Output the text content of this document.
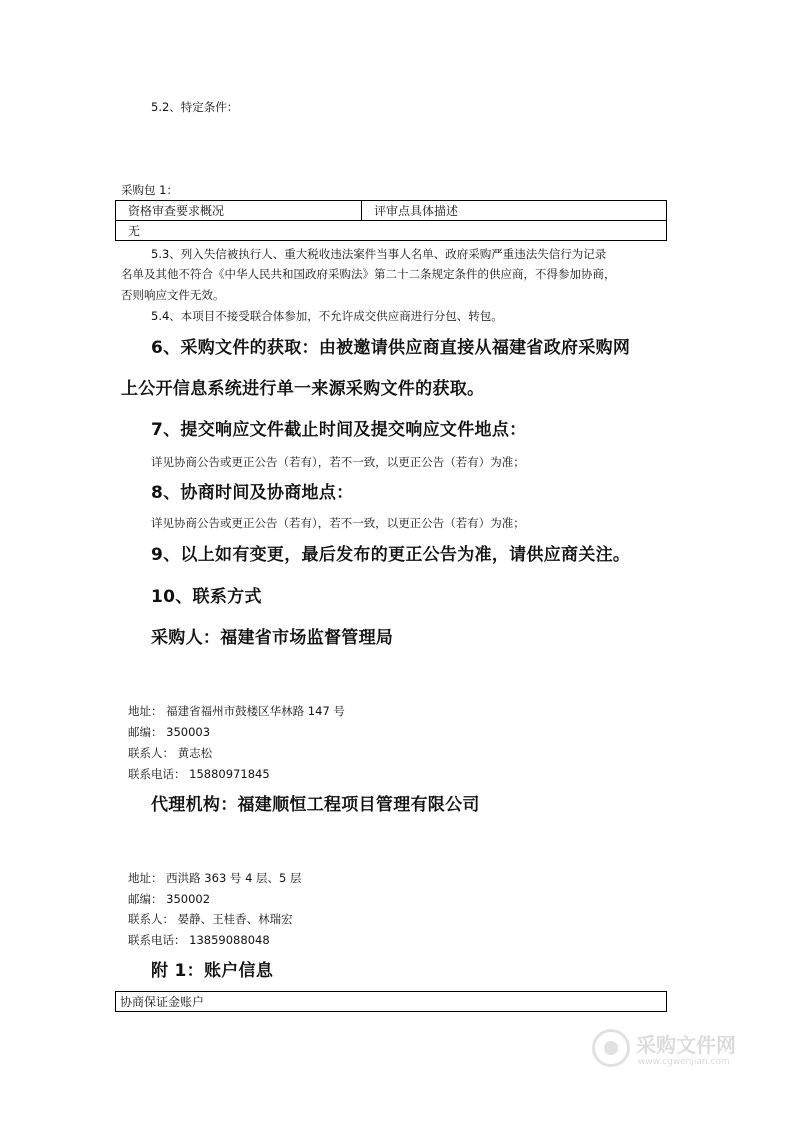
5.2、特定条件：
采购包 1：
资格审查要求概况	评审点具体描述
无
5.3、列入失信被执行人、重大税收违法案件当事人名单、政府采购严重违法失信行为记录
名单及其他不符合《中华人民共和国政府采购法》第二十二条规定条件的供应商，不得参加协商，
否则响应文件无效。
5.4、本项目不接受联合体参加，不允许成交供应商进行分包、转包。
6、采购文件的获取：由被邀请供应商直接从福建省政府采购网
上公开信息系统进行单一来源采购文件的获取。
7、提交响应文件截止时间及提交响应文件地点：
详见协商公告或更正公告（若有），若不一致，以更正公告（若有）为准；
8、协商时间及协商地点：
详见协商公告或更正公告（若有），若不一致，以更正公告（若有）为准；
9、以上如有变更，最后发布的更正公告为准，请供应商关注。
10、联系方式
采购人：福建省市场监督管理局
地址： 福建省福州市鼓楼区华林路 147 号
邮编： 350003
联系人： 黄志松
联系电话： 15880971845
代理机构：福建顺恒工程项目管理有限公司
地址： 西洪路 363 号 4 层、5 层
邮编： 350002
联系人： 晏静、王桂香、林瑞宏
联系电话： 13859088048
附 1：账户信息
协商保证金账户
采购文件网
www.cgwenjian.com
